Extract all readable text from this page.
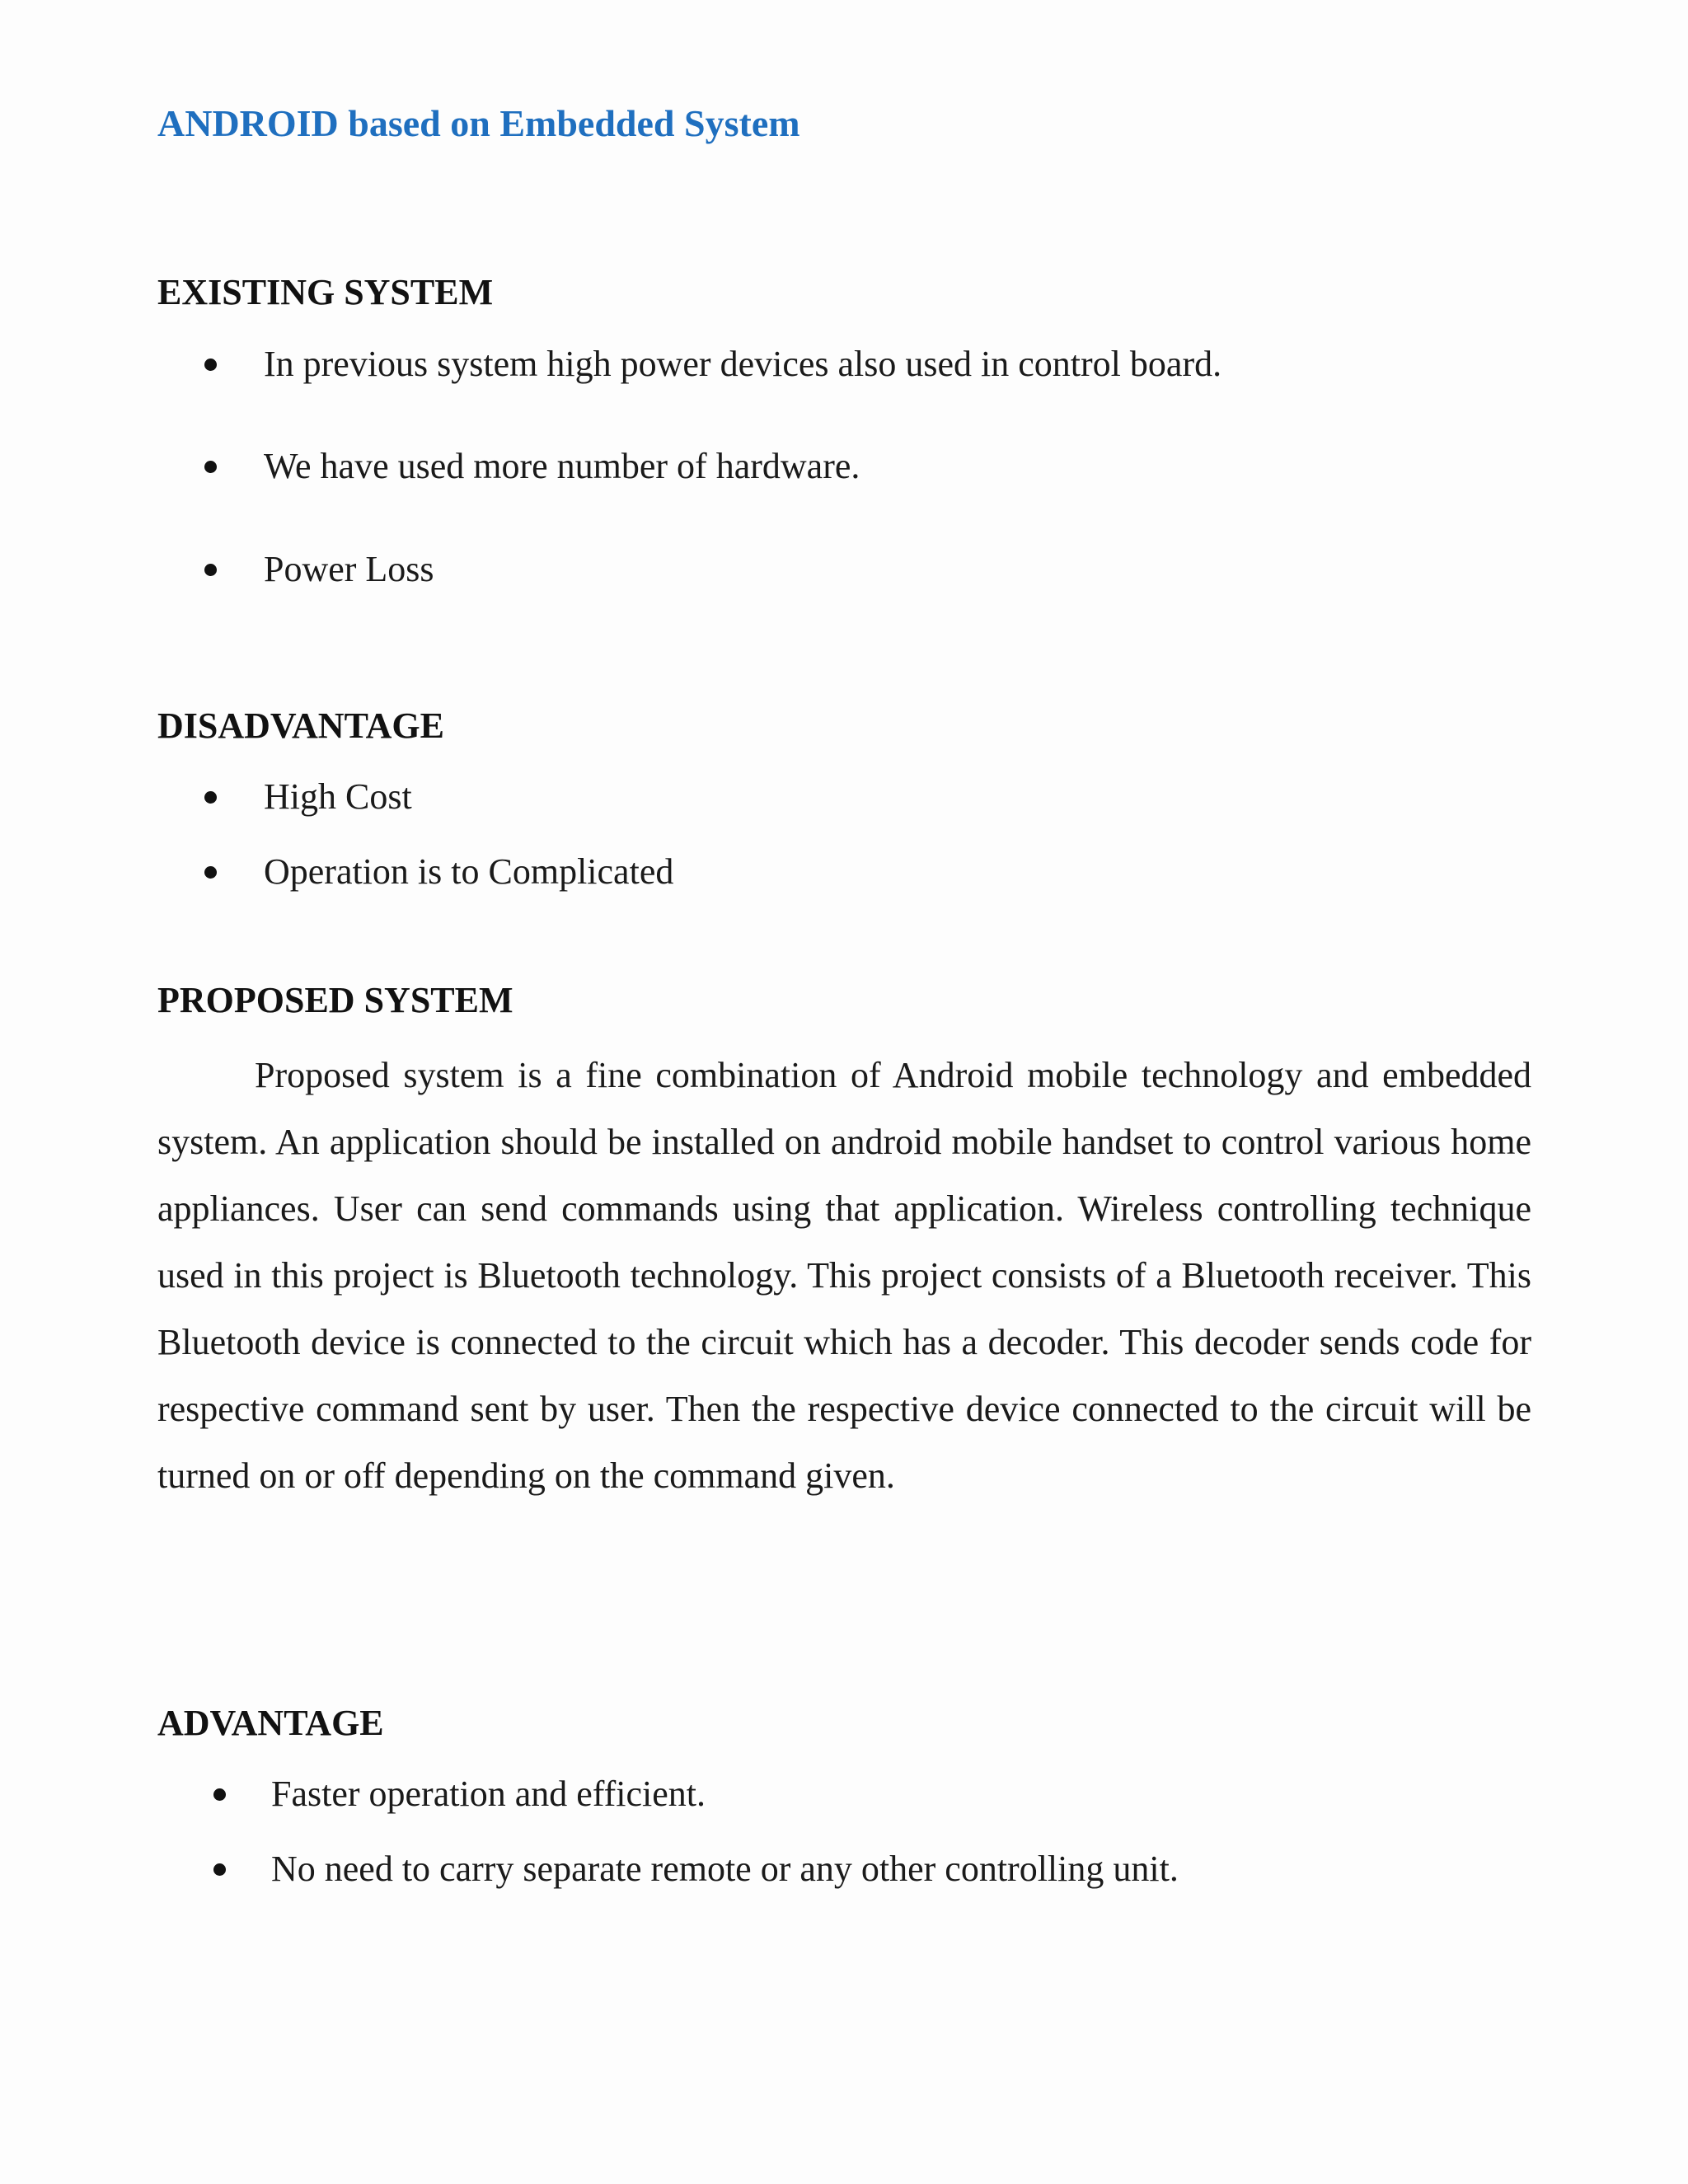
ANDROID based on Embedded System
EXISTING SYSTEM
In previous system high power devices also used in control board.
We have used more number of hardware.
Power Loss
DISADVANTAGE
High Cost
Operation is to Complicated
PROPOSED SYSTEM

Proposed system is a fine combination of Android mobile technology and embedded system. An application should be installed on android mobile handset to control various home appliances. User can send commands using that application. Wireless controlling technique used in this project is Bluetooth technology. This project consists of a Bluetooth receiver. This Bluetooth device is connected to the circuit which has a decoder. This decoder sends code for respective command sent by user. Then the respective device connected to the circuit will be turned on or off depending on the command given.

ADVANTAGE
Faster operation and efficient.
No need to carry separate remote or any other controlling unit.
